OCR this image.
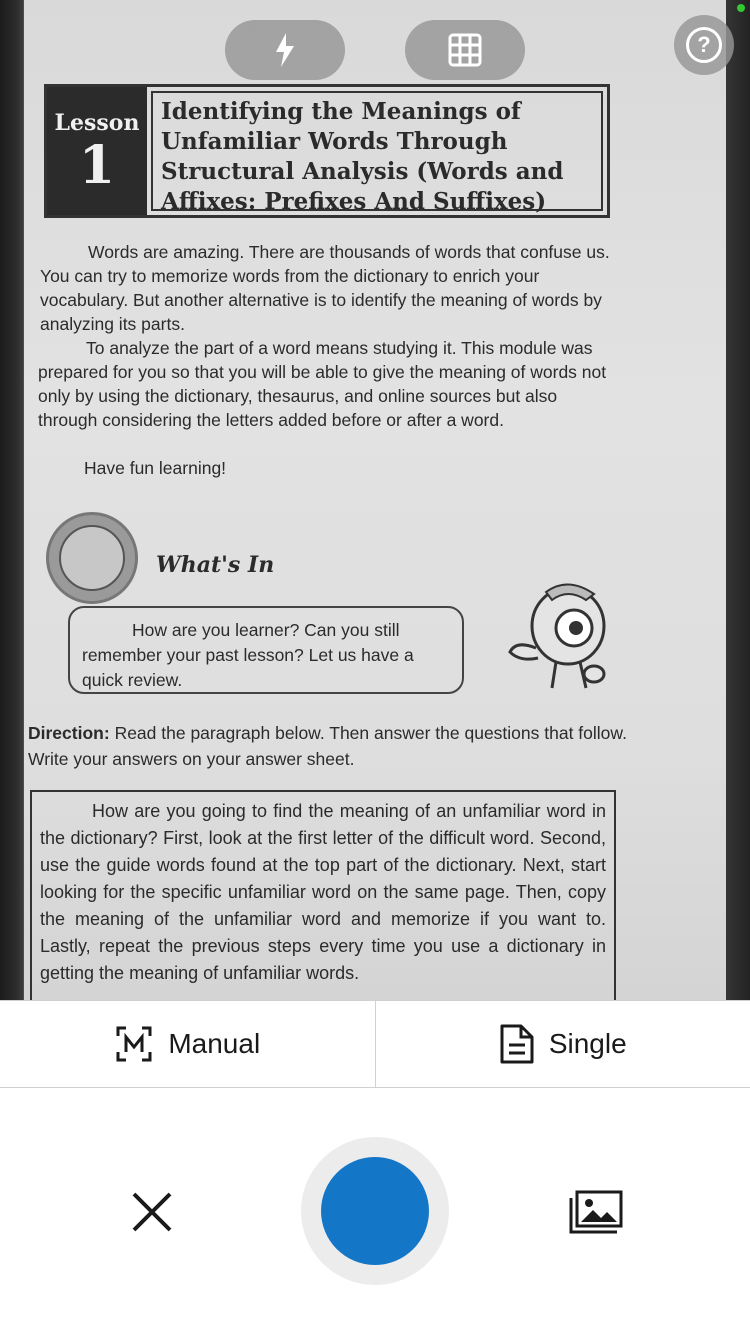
Lesson
1
Identifying the Meanings of Unfamiliar Words Through Structural Analysis (Words and Affixes: Prefixes And Suffixes)
Words are amazing. There are thousands of words that confuse us. You can try to memorize words from the dictionary to enrich your vocabulary. But another alternative is to identify the meaning of words by analyzing its parts.
To analyze the part of a word means studying it. This module was prepared for you so that you will be able to give the meaning of words not only by using the dictionary, thesaurus, and online sources but also through considering the letters added before or after a word.
Have fun learning!
What's In
How are you learner? Can you still remember your past lesson? Let us have a quick review.
Direction: Read the paragraph below. Then answer the questions that follow. Write your answers on your answer sheet.
How are you going to find the meaning of an unfamiliar word in the dictionary? First, look at the first letter of the difficult word. Second, use the guide words found at the top part of the dictionary. Next, start looking for the specific unfamiliar word on the same page. Then, copy the meaning of the unfamiliar word and memorize if you want to. Lastly, repeat the previous steps every time you use a dictionary in getting the meaning of unfamiliar words.
?
Manual	Single
